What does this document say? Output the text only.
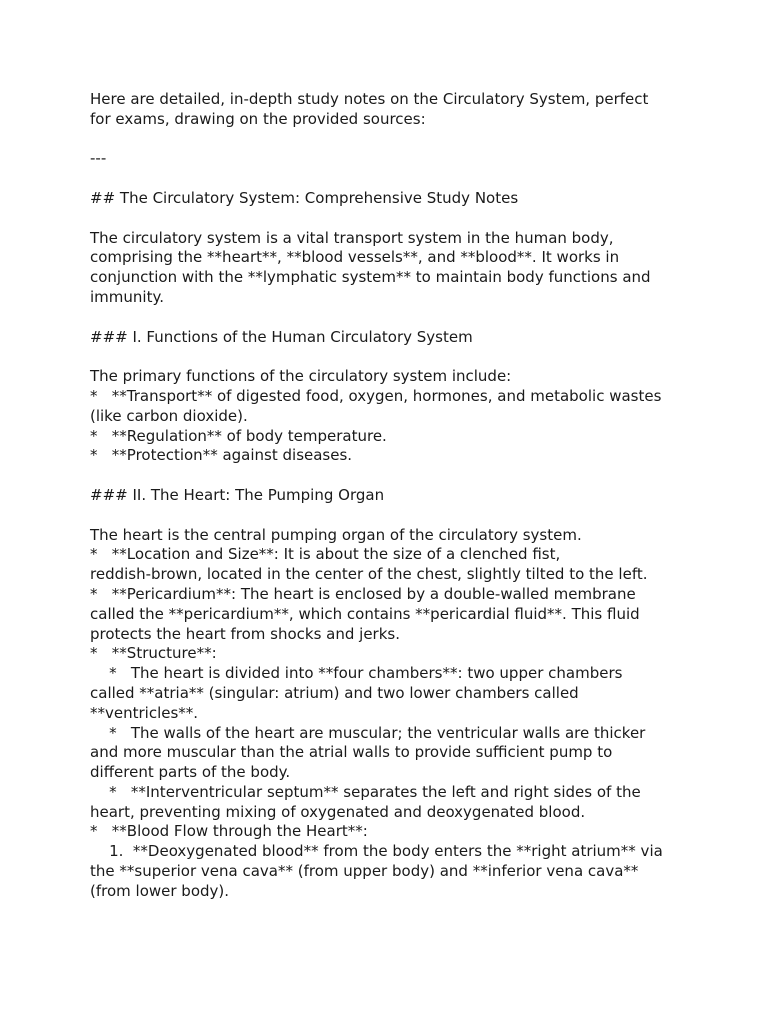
Here are detailed, in-depth study notes on the Circulatory System, perfect
for exams, drawing on the provided sources:
---
## The Circulatory System: Comprehensive Study Notes
The circulatory system is a vital transport system in the human body,
comprising the **heart**, **blood vessels**, and **blood**. It works in
conjunction with the **lymphatic system** to maintain body functions and
immunity.
### I. Functions of the Human Circulatory System
The primary functions of the circulatory system include:
*   **Transport** of digested food, oxygen, hormones, and metabolic wastes
(like carbon dioxide).
*   **Regulation** of body temperature.
*   **Protection** against diseases.
### II. The Heart: The Pumping Organ
The heart is the central pumping organ of the circulatory system.
*   **Location and Size**: It is about the size of a clenched fist,
reddish-brown, located in the center of the chest, slightly tilted to the left.
*   **Pericardium**: The heart is enclosed by a double-walled membrane
called the **pericardium**, which contains **pericardial fluid**. This fluid
protects the heart from shocks and jerks.
*   **Structure**:
*   The heart is divided into **four chambers**: two upper chambers
called **atria** (singular: atrium) and two lower chambers called
**ventricles**.
*   The walls of the heart are muscular; the ventricular walls are thicker
and more muscular than the atrial walls to provide sufficient pump to
different parts of the body.
*   **Interventricular septum** separates the left and right sides of the
heart, preventing mixing of oxygenated and deoxygenated blood.
*   **Blood Flow through the Heart**:
1.  **Deoxygenated blood** from the body enters the **right atrium** via
the **superior vena cava** (from upper body) and **inferior vena cava**
(from lower body).
